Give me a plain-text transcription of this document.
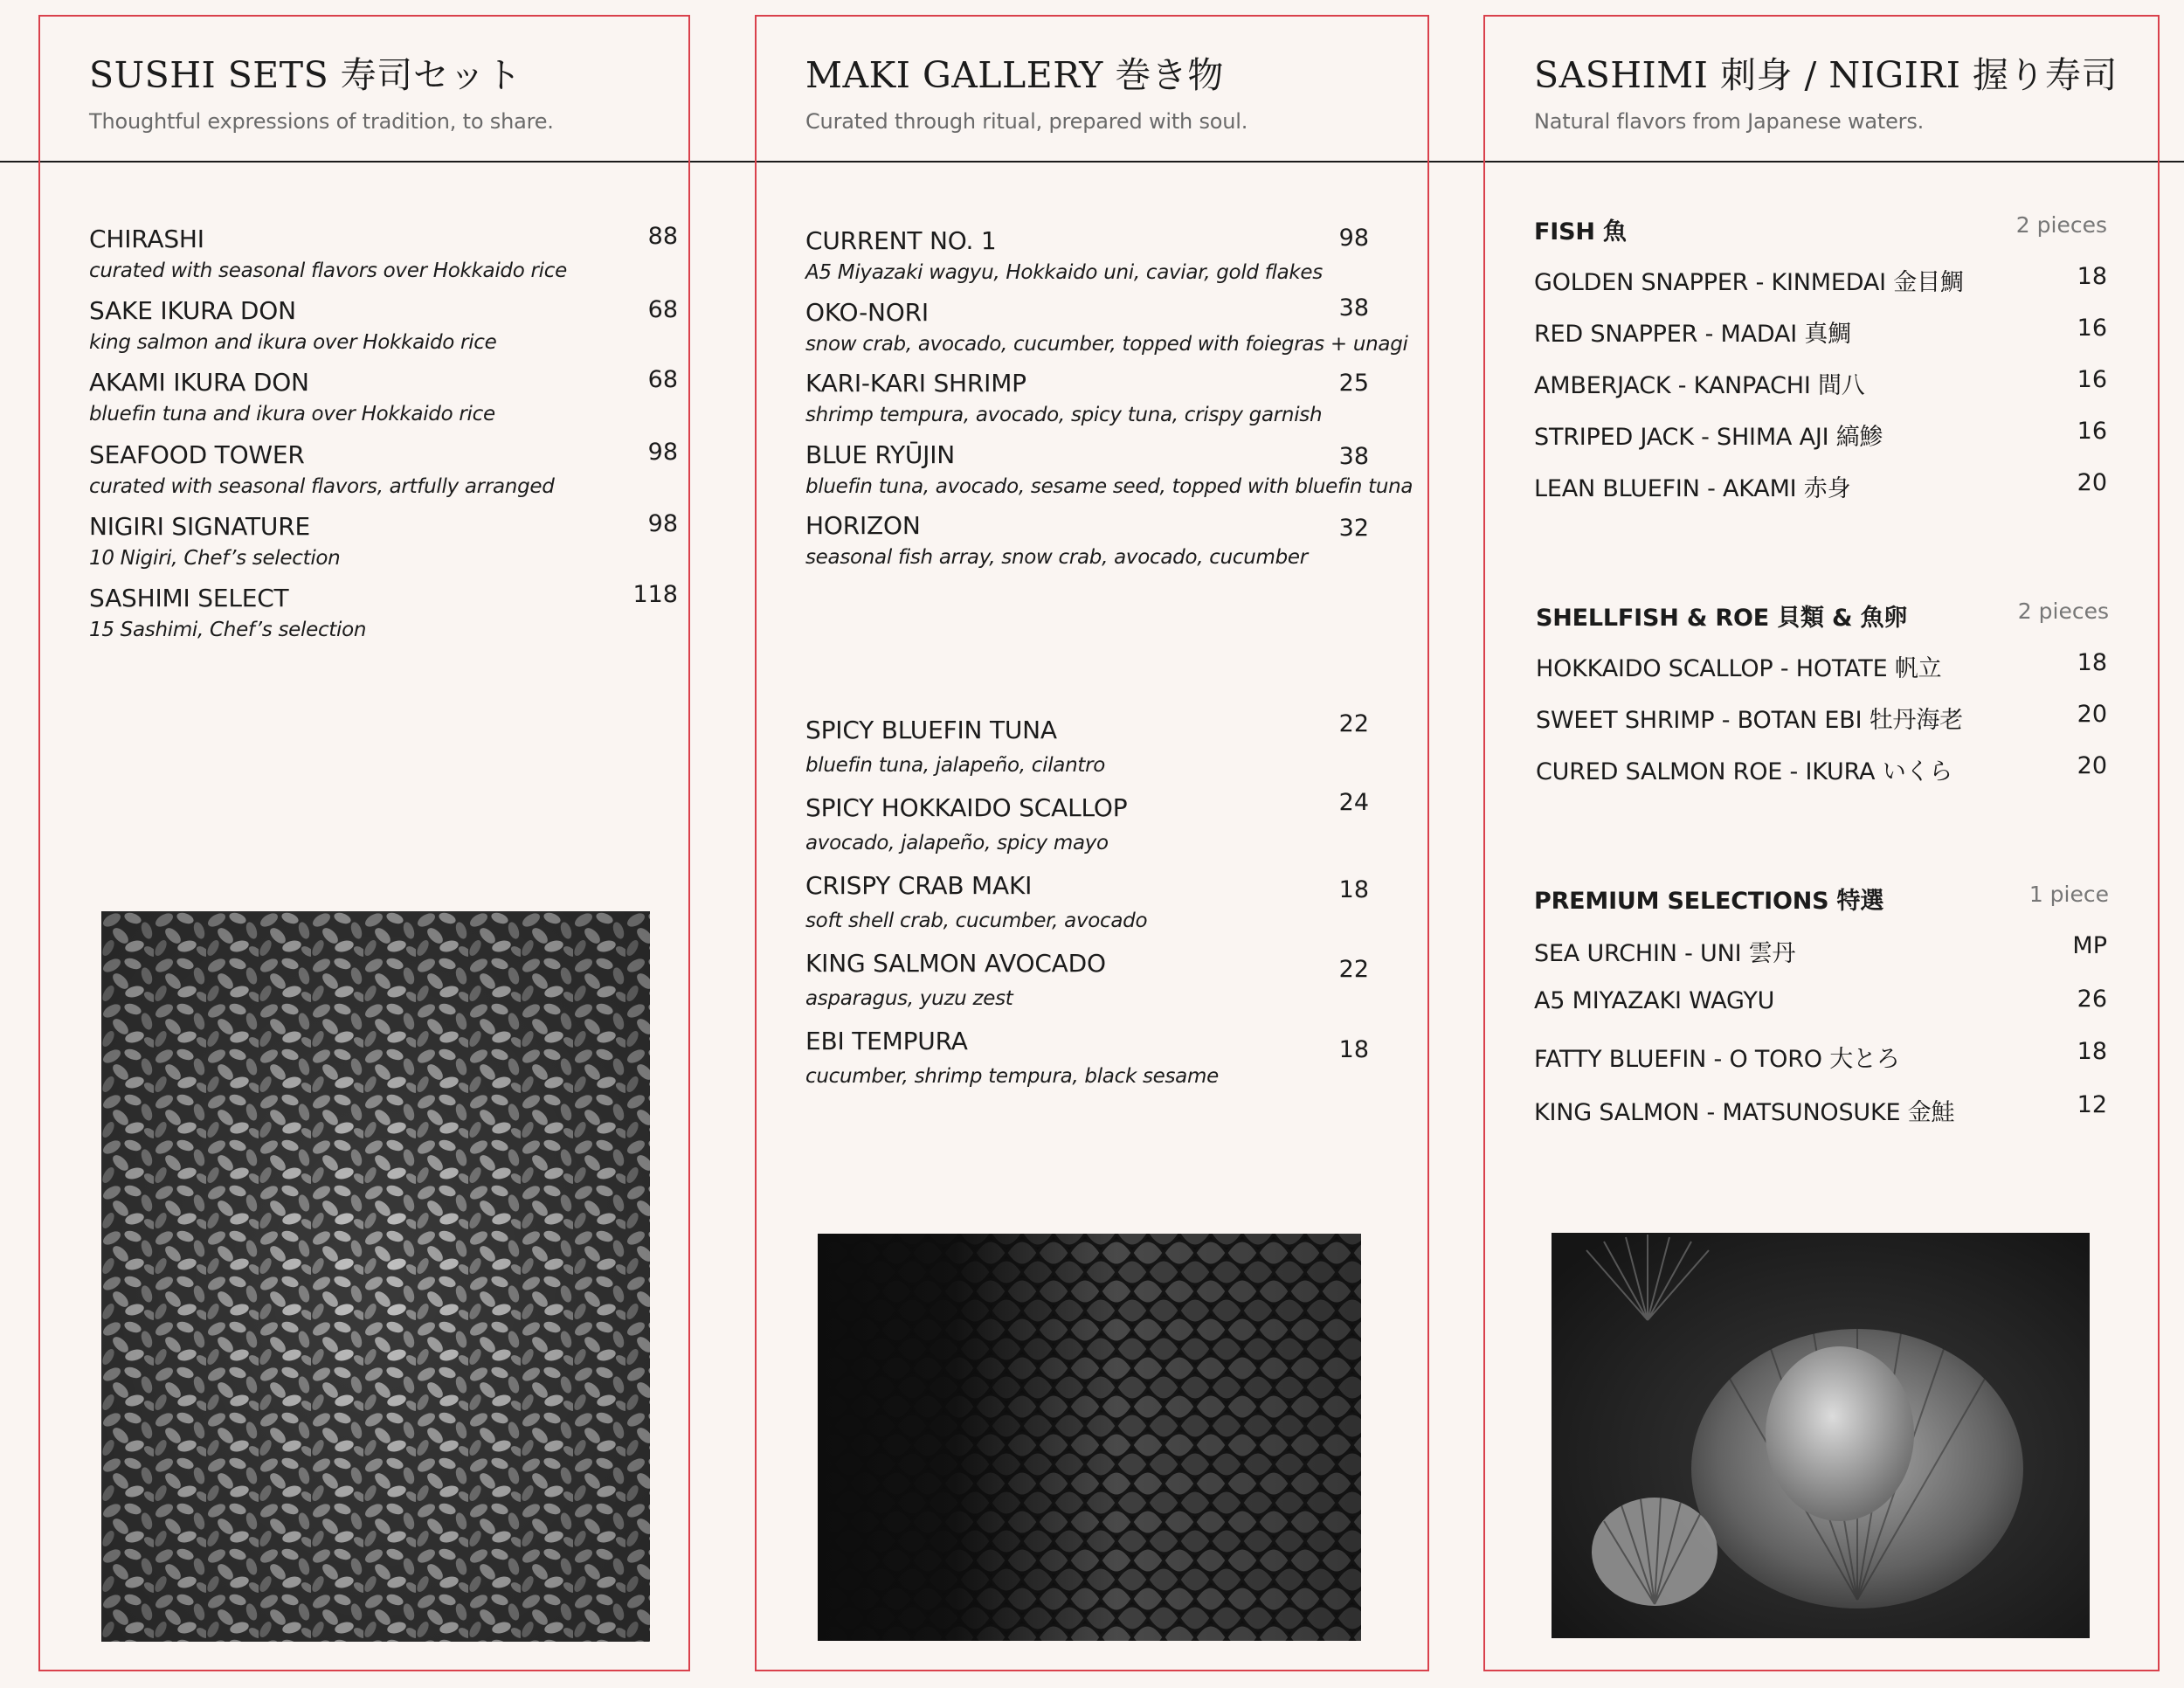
SUSHI SETS 寿司セット
Thoughtful expressions of tradition, to share.
CHIRASHI
curated with seasonal flavors over Hokkaido rice
88
SAKE IKURA DON
king salmon and ikura over Hokkaido rice
68
AKAMI IKURA DON
bluefin tuna and ikura over Hokkaido rice
68
SEAFOOD TOWER
curated with seasonal flavors, artfully arranged
98
NIGIRI SIGNATURE
10 Nigiri, Chef’s selection
98
SASHIMI SELECT
15 Sashimi, Chef’s selection
118
MAKI GALLERY 巻き物
Curated through ritual, prepared with soul.
CURRENT NO. 1
A5 Miyazaki wagyu, Hokkaido uni, caviar, gold flakes
98
OKO-NORI
snow crab, avocado, cucumber, topped with foiegras + unagi
38
KARI-KARI SHRIMP
shrimp tempura, avocado, spicy tuna, crispy garnish
25
BLUE RYŪJIN
bluefin tuna, avocado, sesame seed, topped with bluefin tuna
38
HORIZON
seasonal fish array, snow crab, avocado, cucumber
32
SPICY BLUEFIN TUNA
bluefin tuna, jalapeño, cilantro
22
SPICY HOKKAIDO SCALLOP
avocado, jalapeño, spicy mayo
24
CRISPY CRAB MAKI
soft shell crab, cucumber, avocado
18
KING SALMON AVOCADO
asparagus, yuzu zest
22
EBI TEMPURA
cucumber, shrimp tempura, black sesame
18
SASHIMI 刺身 / NIGIRI 握り寿司
Natural flavors from Japanese waters.
FISH 魚	2 pieces
GOLDEN SNAPPER - KINMEDAI 金目鯛	18
RED SNAPPER - MADAI 真鯛	16
AMBERJACK - KANPACHI 間八	16
STRIPED JACK - SHIMA AJI 縞鯵	16
LEAN BLUEFIN - AKAMI 赤身	20
SHELLFISH & ROE 貝類 & 魚卵	2 pieces
HOKKAIDO SCALLOP - HOTATE 帆立	18
SWEET SHRIMP - BOTAN EBI 牡丹海老	20
CURED SALMON ROE - IKURA いくら	20
PREMIUM SELECTIONS 特選	1 piece
SEA URCHIN - UNI 雲丹	MP
A5 MIYAZAKI WAGYU	26
FATTY BLUEFIN - O TORO 大とろ	18
KING SALMON - MATSUNOSUKE 金鮭	12
